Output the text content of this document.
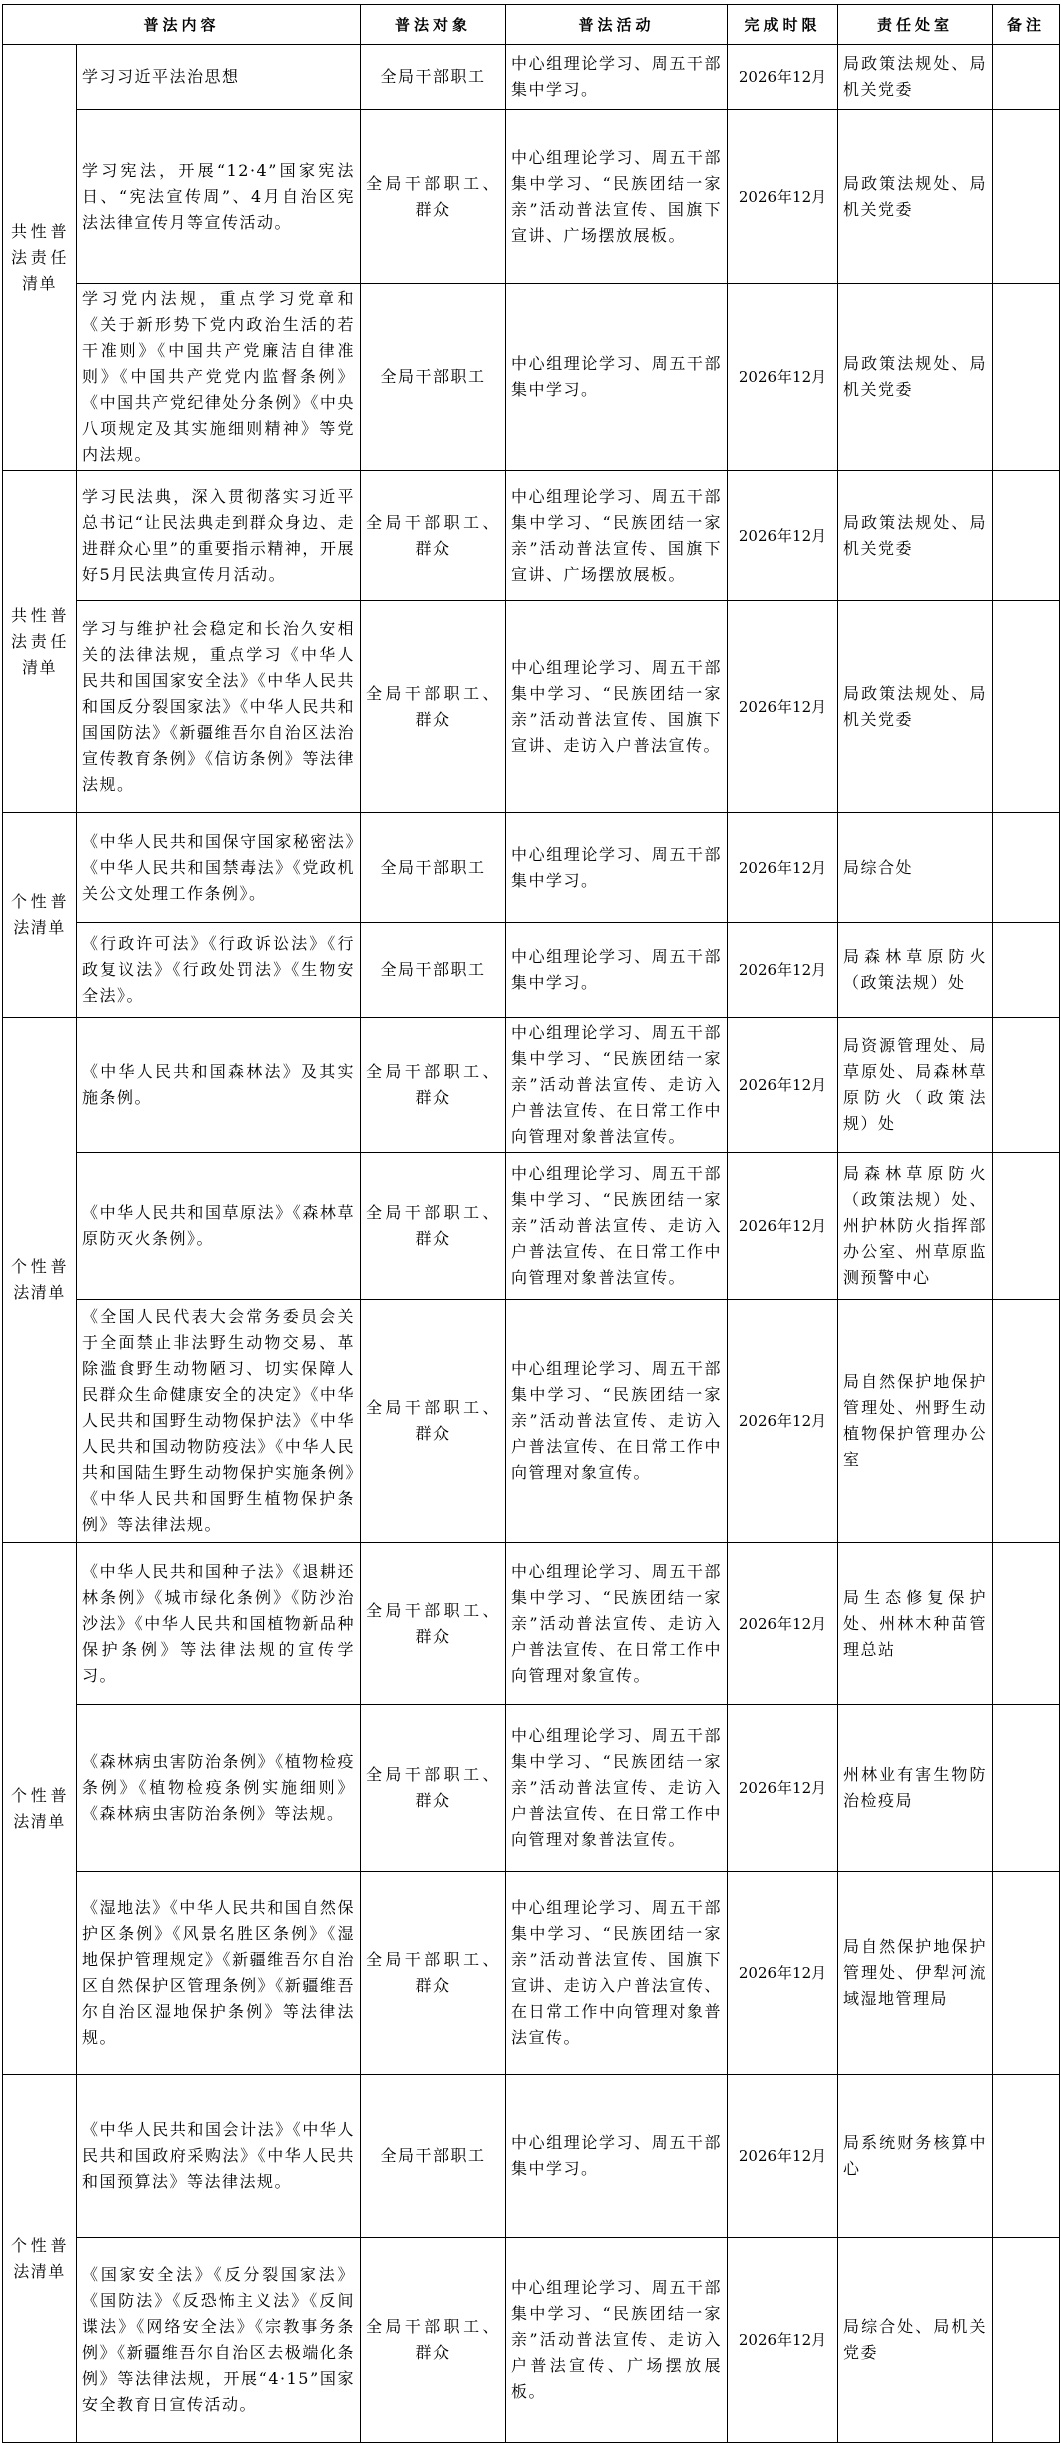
普法内容		普法对象	普法活动	完成时限	责任处室	备注
共性普法责任清单	学习习近平法治思想	全局干部职工	中心组理论学习、周五干部集中学习。	2026年12月	局政策法规处、局机关党委	
	学习宪法，开展“12·4”国家宪法日、“宪法宣传周”、4月自治区宪法法律宣传月等宣传活动。	全局干部职工、群众	中心组理论学习、周五干部集中学习、“民族团结一家亲”活动普法宣传、国旗下宣讲、广场摆放展板。	2026年12月	局政策法规处、局机关党委	
	学习党内法规，重点学习党章和《关于新形势下党内政治生活的若干准则》《中国共产党廉洁自律准则》《中国共产党党内监督条例》《中国共产党纪律处分条例》《中央八项规定及其实施细则精神》等党内法规。	全局干部职工	中心组理论学习、周五干部集中学习。	2026年12月	局政策法规处、局机关党委	
共性普法责任清单	学习民法典，深入贯彻落实习近平总书记“让民法典走到群众身边、走进群众心里”的重要指示精神，开展好5月民法典宣传月活动。	全局干部职工、群众	中心组理论学习、周五干部集中学习、“民族团结一家亲”活动普法宣传、国旗下宣讲、广场摆放展板。	2026年12月	局政策法规处、局机关党委	
	学习与维护社会稳定和长治久安相关的法律法规，重点学习《中华人民共和国国家安全法》《中华人民共和国反分裂国家法》《中华人民共和国国防法》《新疆维吾尔自治区法治宣传教育条例》《信访条例》等法律法规。	全局干部职工、群众	中心组理论学习、周五干部集中学习、“民族团结一家亲”活动普法宣传、国旗下宣讲、走访入户普法宣传。	2026年12月	局政策法规处、局机关党委	
个性普法清单	《中华人民共和国保守国家秘密法》《中华人民共和国禁毒法》《党政机关公文处理工作条例》。	全局干部职工	中心组理论学习、周五干部集中学习。	2026年12月	局综合处	
	《行政许可法》《行政诉讼法》《行政复议法》《行政处罚法》《生物安全法》。	全局干部职工	中心组理论学习、周五干部集中学习。	2026年12月	局森林草原防火（政策法规）处	
个性普法清单	《中华人民共和国森林法》及其实施条例。	全局干部职工、群众	中心组理论学习、周五干部集中学习、“民族团结一家亲”活动普法宣传、走访入户普法宣传、在日常工作中向管理对象普法宣传。	2026年12月	局资源管理处、局草原处、局森林草原防火（政策法规）处	
	《中华人民共和国草原法》《森林草原防灭火条例》。	全局干部职工、群众	中心组理论学习、周五干部集中学习、“民族团结一家亲”活动普法宣传、走访入户普法宣传、在日常工作中向管理对象普法宣传。	2026年12月	局森林草原防火（政策法规）处、州护林防火指挥部办公室、州草原监测预警中心	
	《全国人民代表大会常务委员会关于全面禁止非法野生动物交易、革除滥食野生动物陋习、切实保障人民群众生命健康安全的决定》《中华人民共和国野生动物保护法》《中华人民共和国动物防疫法》《中华人民共和国陆生野生动物保护实施条例》《中华人民共和国野生植物保护条例》等法律法规。	全局干部职工、群众	中心组理论学习、周五干部集中学习、“民族团结一家亲”活动普法宣传、走访入户普法宣传、在日常工作中向管理对象宣传。	2026年12月	局自然保护地保护管理处、州野生动植物保护管理办公室	
个性普法清单	《中华人民共和国种子法》《退耕还林条例》《城市绿化条例》《防沙治沙法》《中华人民共和国植物新品种保护条例》等法律法规的宣传学习。	全局干部职工、群众	中心组理论学习、周五干部集中学习、“民族团结一家亲”活动普法宣传、走访入户普法宣传、在日常工作中向管理对象宣传。	2026年12月	局生态修复保护处、州林木种苗管理总站	
	《森林病虫害防治条例》《植物检疫条例》《植物检疫条例实施细则》《森林病虫害防治条例》等法规。	全局干部职工、群众	中心组理论学习、周五干部集中学习、“民族团结一家亲”活动普法宣传、走访入户普法宣传、在日常工作中向管理对象普法宣传。	2026年12月	州林业有害生物防治检疫局	
	《湿地法》《中华人民共和国自然保护区条例》《风景名胜区条例》《湿地保护管理规定》《新疆维吾尔自治区自然保护区管理条例》《新疆维吾尔自治区湿地保护条例》等法律法规。	全局干部职工、群众	中心组理论学习、周五干部集中学习、“民族团结一家亲”活动普法宣传、国旗下宣讲、走访入户普法宣传、在日常工作中向管理对象普法宣传。	2026年12月	局自然保护地保护管理处、伊犁河流域湿地管理局	
个性普法清单	《中华人民共和国会计法》《中华人民共和国政府采购法》《中华人民共和国预算法》等法律法规。	全局干部职工	中心组理论学习、周五干部集中学习。	2026年12月	局系统财务核算中心	
	《国家安全法》《反分裂国家法》《国防法》《反恐怖主义法》《反间谍法》《网络安全法》《宗教事务条例》《新疆维吾尔自治区去极端化条例》等法律法规，开展“4·15”国家安全教育日宣传活动。	全局干部职工、群众	中心组理论学习、周五干部集中学习、“民族团结一家亲”活动普法宣传、走访入户普法宣传、广场摆放展板。	2026年12月	局综合处、局机关党委	
